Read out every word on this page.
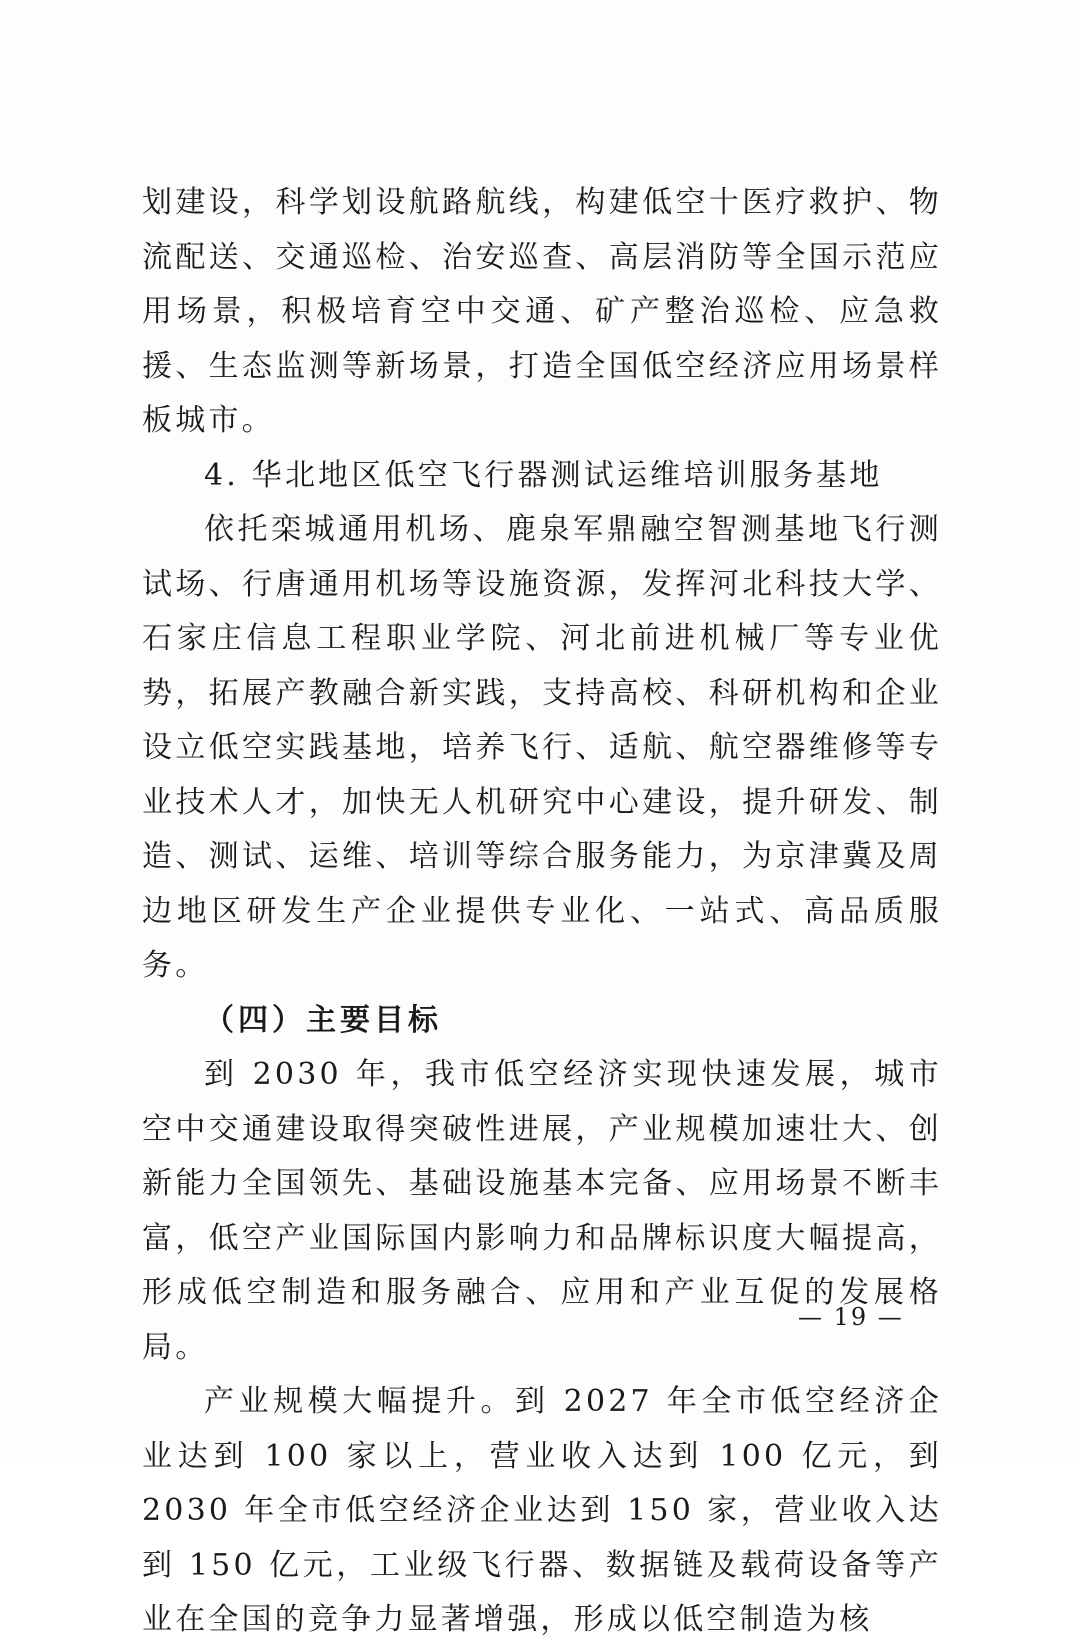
划建设，科学划设航路航线，构建低空十医疗救护、物流配送、交通巡检、治安巡查、高层消防等全国示范应用场景，积极培育空中交通、矿产整治巡检、应急救援、生态监测等新场景，打造全国低空经济应用场景样板城市。

4. 华北地区低空飞行器测试运维培训服务基地

依托栾城通用机场、鹿泉军鼎融空智测基地飞行测试场、行唐通用机场等设施资源，发挥河北科技大学、石家庄信息工程职业学院、河北前进机械厂等专业优势，拓展产教融合新实践，支持高校、科研机构和企业设立低空实践基地，培养飞行、适航、航空器维修等专业技术人才，加快无人机研究中心建设，提升研发、制造、测试、运维、培训等综合服务能力，为京津冀及周边地区研发生产企业提供专业化、一站式、高品质服务。

（四）主要目标

到 2030 年，我市低空经济实现快速发展，城市空中交通建设取得突破性进展，产业规模加速壮大、创新能力全国领先、基础设施基本完备、应用场景不断丰富，低空产业国际国内影响力和品牌标识度大幅提高，形成低空制造和服务融合、应用和产业互促的发展格局。

产业规模大幅提升。到 2027 年全市低空经济企业达到 100 家以上，营业收入达到 100 亿元，到 2030 年全市低空经济企业达到 150 家，营业收入达到 150 亿元，工业级飞行器、数据链及载荷设备等产业在全国的竞争力显著增强，形成以低空制造为核

— 19 —
